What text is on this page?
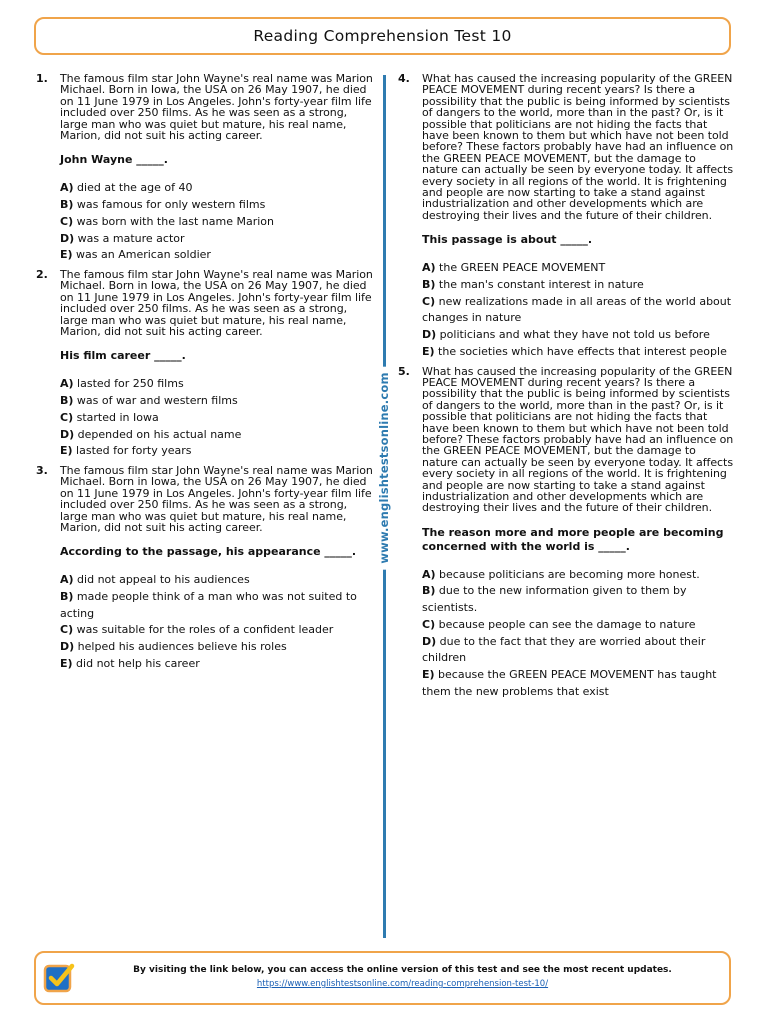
Reading Comprehension Test 10
1.	The famous film star John Wayne's real name was Marion Michael. Born in Iowa, the USA on 26 May 1907, he died on 11 June 1979 in Los Angeles. John's forty-year film life included over 250 films. As he was seen as a strong, large man who was quiet but mature, his real name, Marion, did not suit his acting career.

John Wayne _____.
A) died at the age of 40
B) was famous for only western films
C) was born with the last name Marion
D) was a mature actor
E) was an American soldier
2.	The famous film star John Wayne's real name was Marion Michael. Born in Iowa, the USA on 26 May 1907, he died on 11 June 1979 in Los Angeles. John's forty-year film life included over 250 films. As he was seen as a strong, large man who was quiet but mature, his real name, Marion, did not suit his acting career.

His film career _____.
A) lasted for 250 films
B) was of war and western films
C) started in Iowa
D) depended on his actual name
E) lasted for forty years
3.	The famous film star John Wayne's real name was Marion Michael. Born in Iowa, the USA on 26 May 1907, he died on 11 June 1979 in Los Angeles. John's forty-year film life included over 250 films. As he was seen as a strong, large man who was quiet but mature, his real name, Marion, did not suit his acting career.

According to the passage, his appearance _____.
A) did not appeal to his audiences
B) made people think of a man who was not suited to acting
C) was suitable for the roles of a confident leader
D) helped his audiences believe his roles
E) did not help his career
www.englishtestsonline.com
4.	What has caused the increasing popularity of the GREEN PEACE MOVEMENT during recent years? Is there a possibility that the public is being informed by scientists of dangers to the world, more than in the past? Or, is it possible that politicians are not hiding the facts that have been known to them but which have not been told before? These factors probably have had an influence on the GREEN PEACE MOVEMENT, but the damage to nature can actually be seen by everyone today. It affects every society in all regions of the world. It is frightening and people are now starting to take a stand against industrialization and other developments which are destroying their lives and the future of their children.

This passage is about _____.
A) the GREEN PEACE MOVEMENT
B) the man's constant interest in nature
C) new realizations made in all areas of the world about changes in nature
D) politicians and what they have not told us before
E) the societies which have effects that interest people
5.	What has caused the increasing popularity of the GREEN PEACE MOVEMENT during recent years? Is there a possibility that the public is being informed by scientists of dangers to the world, more than in the past? Or, is it possible that politicians are not hiding the facts that have been known to them but which have not been told before? These factors probably have had an influence on the GREEN PEACE MOVEMENT, but the damage to nature can actually be seen by everyone today. It affects every society in all regions of the world. It is frightening and people are now starting to take a stand against industrialization and other developments which are destroying their lives and the future of their children.

The reason more and more people are becoming concerned with the world is _____.
A) because politicians are becoming more honest.
B) due to the new information given to them by scientists.
C) because people can see the damage to nature
D) due to the fact that they are worried about their children
E) because the GREEN PEACE MOVEMENT has taught them the new problems that exist
By visiting the link below, you can access the online version of this test and see the most recent updates.
https://www.englishtestsonline.com/reading-comprehension-test-10/
